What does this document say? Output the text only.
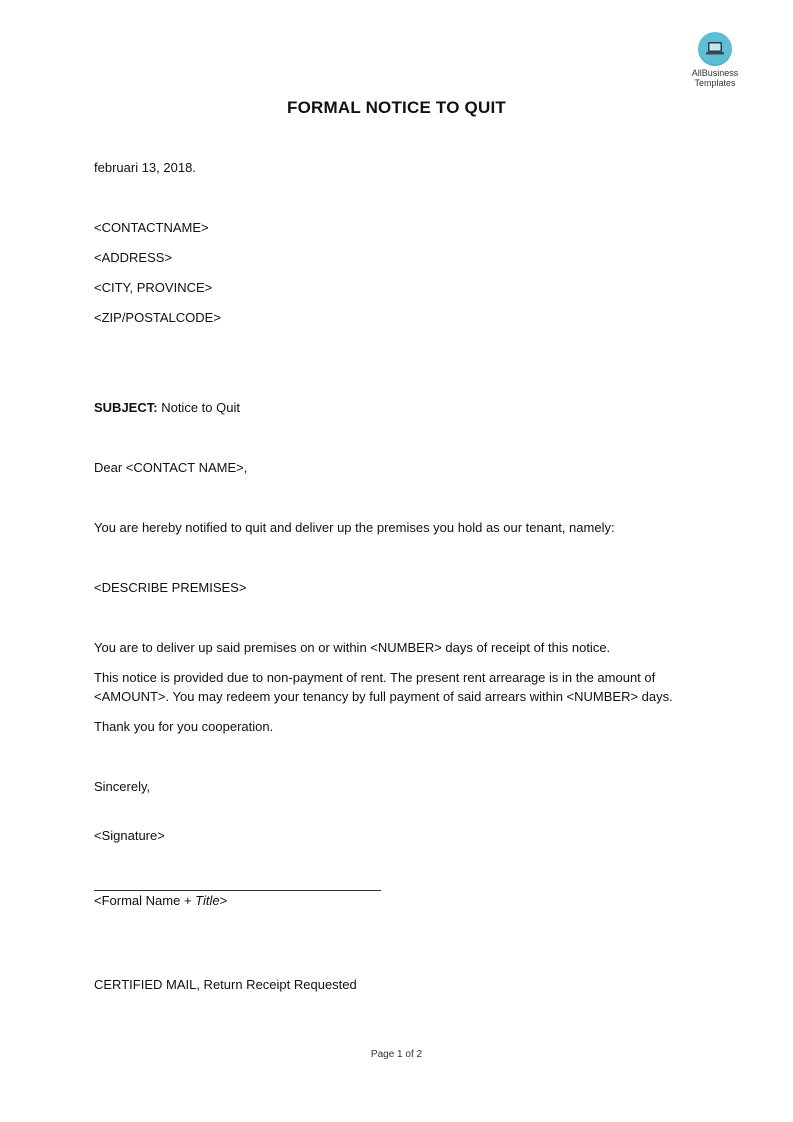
AllBusiness
Templates
FORMAL NOTICE TO QUIT
februari 13, 2018.
<CONTACTNAME>
<ADDRESS>
<CITY, PROVINCE>
<ZIP/POSTALCODE>
SUBJECT: Notice to Quit
Dear <CONTACT NAME>,
You are hereby notified to quit and deliver up the premises you hold as our tenant, namely:
<DESCRIBE PREMISES>
You are to deliver up said premises on or within <NUMBER> days of receipt of this notice.
This notice is provided due to non-payment of rent. The present rent arrearage is in the amount of
<AMOUNT>. You may redeem your tenancy by full payment of said arrears within <NUMBER> days.
Thank you for you cooperation.
Sincerely,
<Signature>
<Formal Name + Title>
CERTIFIED MAIL, Return Receipt Requested
Page 1 of 2
